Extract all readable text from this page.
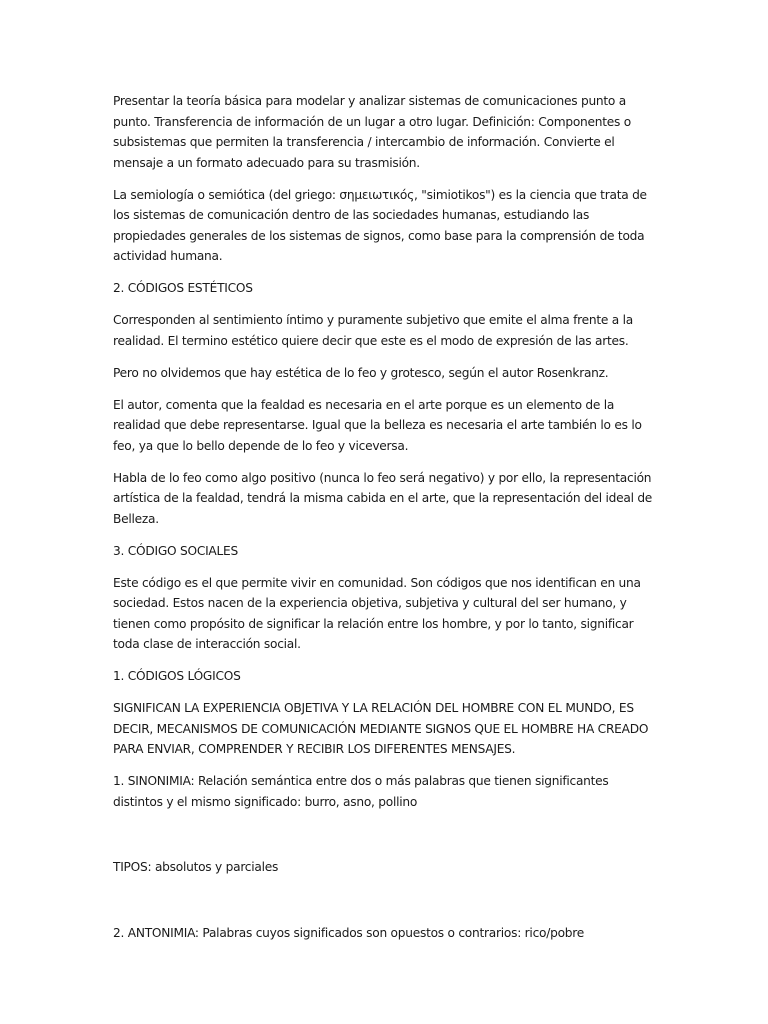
Presentar la teoría básica para modelar y analizar sistemas de comunicaciones punto a punto. Transferencia de información de un lugar a otro lugar. Definición: Componentes o subsistemas que permiten la transferencia / intercambio de información. Convierte el mensaje a un formato adecuado para su trasmisión.

La semiología o semiótica (del griego: σημειωτικός, "simiotikos") es la ciencia que trata de los sistemas de comunicación dentro de las sociedades humanas, estudiando las propiedades generales de los sistemas de signos, como base para la comprensión de toda actividad humana.

2. CÓDIGOS ESTÉTICOS

Corresponden al sentimiento íntimo y puramente subjetivo que emite el alma frente a la realidad. El termino estético quiere decir que este es el modo de expresión de las artes.

Pero no olvidemos que hay estética de lo feo y grotesco, según el autor Rosenkranz.

El autor, comenta que la fealdad es necesaria en el arte porque es un elemento de la realidad que debe representarse. Igual que la belleza es necesaria el arte también lo es lo feo, ya que lo bello depende de lo feo y viceversa.

Habla de lo feo como algo positivo (nunca lo feo será negativo) y por ello, la representación artística de la fealdad, tendrá la misma cabida en el arte, que la representación del ideal de Belleza.

3. CÓDIGO SOCIALES

Este código es el que permite vivir en comunidad. Son códigos que nos identifican en una sociedad. Estos nacen de la experiencia objetiva, subjetiva y cultural del ser humano, y tienen como propósito de significar la relación entre los hombre, y por lo tanto, significar toda clase de interacción social.

1. CÓDIGOS LÓGICOS

SIGNIFICAN LA EXPERIENCIA OBJETIVA Y LA RELACIÓN DEL HOMBRE CON EL MUNDO, ES DECIR, MECANISMOS DE COMUNICACIÓN MEDIANTE SIGNOS QUE EL HOMBRE HA CREADO PARA ENVIAR, COMPRENDER Y RECIBIR LOS DIFERENTES MENSAJES.

1. SINONIMIA: Relación semántica entre dos o más palabras que tienen significantes distintos y el mismo significado: burro, asno, pollino

TIPOS: absolutos y parciales

2. ANTONIMIA: Palabras cuyos significados son opuestos o contrarios: rico/pobre
